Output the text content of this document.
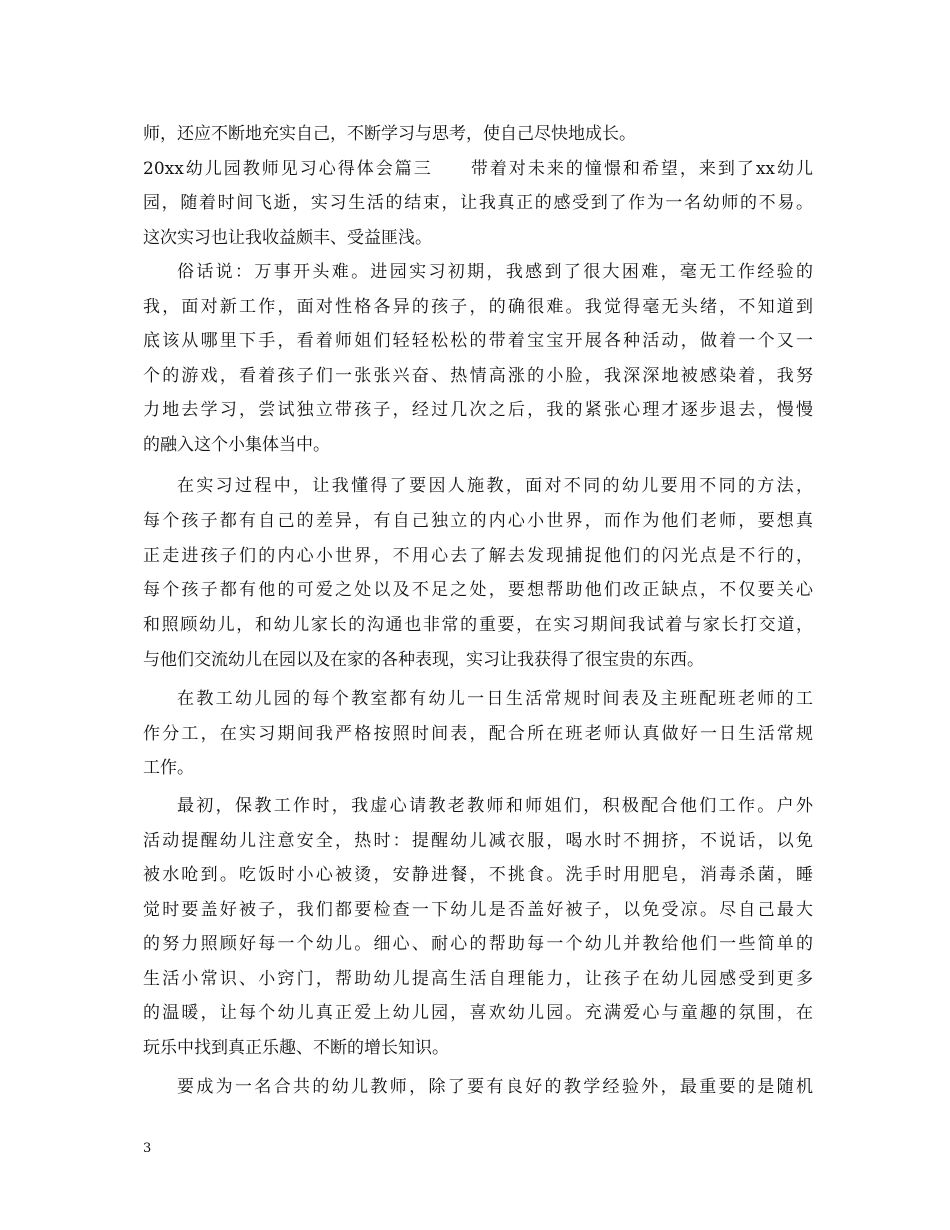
师，还应不断地充实自己，不断学习与思考，使自己尽快地成长。
20xx幼儿园教师见习心得体会篇三　　带着对未来的憧憬和希望，来到了xx幼儿
园，随着时间飞逝，实习生活的结束，让我真正的感受到了作为一名幼师的不易。
这次实习也让我收益颇丰、受益匪浅。
俗话说：万事开头难。进园实习初期，我感到了很大困难，毫无工作经验的
我，面对新工作，面对性格各异的孩子，的确很难。我觉得毫无头绪，不知道到
底该从哪里下手，看着师姐们轻轻松松的带着宝宝开展各种活动，做着一个又一
个的游戏，看着孩子们一张张兴奋、热情高涨的小脸，我深深地被感染着，我努
力地去学习，尝试独立带孩子，经过几次之后，我的紧张心理才逐步退去，慢慢
的融入这个小集体当中。
在实习过程中，让我懂得了要因人施教，面对不同的幼儿要用不同的方法，
每个孩子都有自己的差异，有自己独立的内心小世界，而作为他们老师，要想真
正走进孩子们的内心小世界，不用心去了解去发现捕捉他们的闪光点是不行的，
每个孩子都有他的可爱之处以及不足之处，要想帮助他们改正缺点，不仅要关心
和照顾幼儿，和幼儿家长的沟通也非常的重要，在实习期间我试着与家长打交道，
与他们交流幼儿在园以及在家的各种表现，实习让我获得了很宝贵的东西。
在教工幼儿园的每个教室都有幼儿一日生活常规时间表及主班配班老师的工
作分工，在实习期间我严格按照时间表，配合所在班老师认真做好一日生活常规
工作。
最初，保教工作时，我虚心请教老教师和师姐们，积极配合他们工作。户外
活动提醒幼儿注意安全，热时：提醒幼儿减衣服，喝水时不拥挤，不说话，以免
被水呛到。吃饭时小心被烫，安静进餐，不挑食。洗手时用肥皂，消毒杀菌，睡
觉时要盖好被子，我们都要检查一下幼儿是否盖好被子，以免受凉。尽自己最大
的努力照顾好每一个幼儿。细心、耐心的帮助每一个幼儿并教给他们一些简单的
生活小常识、小窍门，帮助幼儿提高生活自理能力，让孩子在幼儿园感受到更多
的温暖，让每个幼儿真正爱上幼儿园，喜欢幼儿园。充满爱心与童趣的氛围，在
玩乐中找到真正乐趣、不断的增长知识。
要成为一名合共的幼儿教师，除了要有良好的教学经验外，最重要的是随机
3
